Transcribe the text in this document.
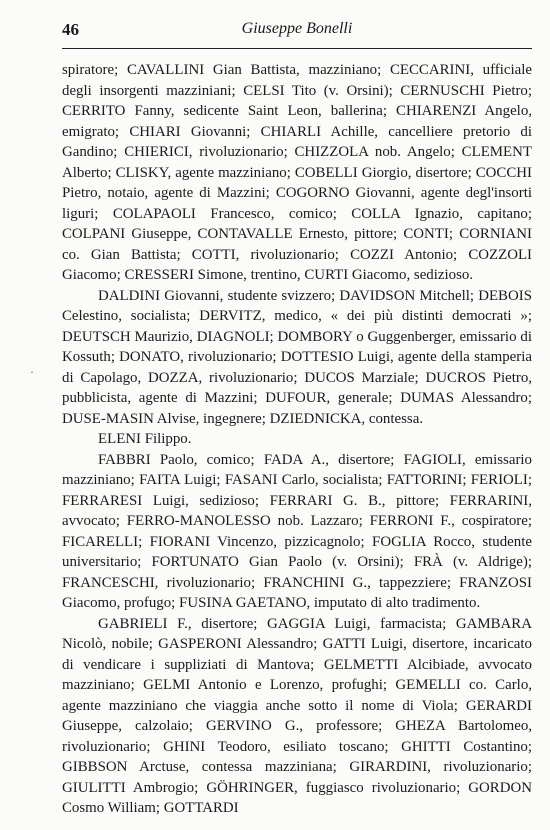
46	Giuseppe Bonelli

spiratore; CAVALLINI Gian Battista, mazziniano; CECCARINI, ufficiale degli insorgenti mazziniani; CELSI Tito (v. Orsini); CERNUSCHI Pietro; CERRITO Fanny, sedicente Saint Leon, ballerina; CHIARENZI Angelo, emigrato; CHIARI Giovanni; CHIARLI Achille, cancelliere pretorio di Gandino; CHIERICI, rivoluzionario; CHIZZOLA nob. Angelo; CLEMENT Alberto; CLISKY, agente mazziniano; COBELLI Giorgio, disertore; COCCHI Pietro, notaio, agente di Mazzini; COGORNO Giovanni, agente degl'insorti liguri; COLAPAOLI Francesco, comico; COLLA Ignazio, capitano; COLPANI Giuseppe, CONTAVALLE Ernesto, pittore; CONTI; CORNIANI co. Gian Battista; COTTI, rivoluzionario; COZZI Antonio; COZZOLI Giacomo; CRESSERI Simone, trentino, CURTI Giacomo, sedizioso.

DALDINI Giovanni, studente svizzero; DAVIDSON Mitchell; DEBOIS Celestino, socialista; DERVITZ, medico, « dei più distinti democrati »; DEUTSCH Maurizio, DIAGNOLI; DOMBORY o Guggenberger, emissario di Kossuth; DONATO, rivoluzionario; DOTTESIO Luigi, agente della stamperia di Capolago, DOZZA, rivoluzionario; DUCOS Marziale; DUCROS Pietro, pubblicista, agente di Mazzini; DUFOUR, generale; DUMAS Alessandro; DUSE-MASIN Alvise, ingegnere; DZIEDNICKA, contessa.

ELENI Filippo.

FABBRI Paolo, comico; FADA A., disertore; FAGIOLI, emissario mazziniano; FAITA Luigi; FASANI Carlo, socialista; FATTORINI; FERIOLI; FERRARESI Luigi, sedizioso; FERRARI G. B., pittore; FERRARINI, avvocato; FERRO-MANOLESSO nob. Lazzaro; FERRONI F., cospiratore; FICARELLI; FIORANI Vincenzo, pizzicagnolo; FOGLIA Rocco, studente universitario; FORTUNATO Gian Paolo (v. Orsini); FRÀ (v. Aldrige); FRANCESCHI, rivoluzionario; FRANCHINI G., tappezziere; FRANZOSI Giacomo, profugo; FUSINA GAETANO, imputato di alto tradimento.

GABRIELI F., disertore; GAGGIA Luigi, farmacista; GAMBARA Nicolò, nobile; GASPERONI Alessandro; GATTI Luigi, disertore, incaricato di vendicare i suppliziati di Mantova; GELMETTI Alcibiade, avvocato mazziniano; GELMI Antonio e Lorenzo, profughi; GEMELLI co. Carlo, agente mazziniano che viaggia anche sotto il nome di Viola; GERARDI Giuseppe, calzolaio; GERVINO G., professore; GHEZA Bartolomeo, rivoluzionario; GHINI Teodoro, esiliato toscano; GHITTI Costantino; GIBBSON Arctuse, contessa mazziniana; GIRARDINI, rivoluzionario; GIULITTI Ambrogio; GÖHRINGER, fuggiasco rivoluzionario; GORDON Cosmo William; GOTTARDI

·
